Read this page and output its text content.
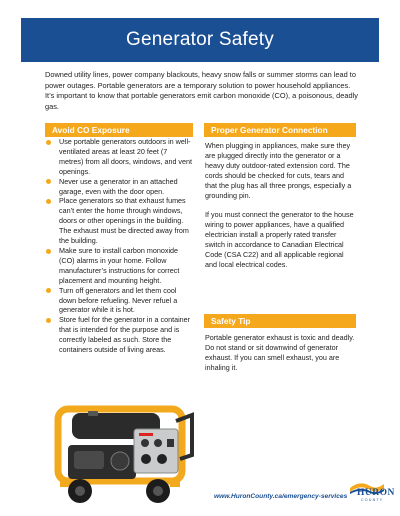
Generator Safety
Downed utility lines, power company blackouts, heavy snow falls or summer storms can lead to power outages. Portable generators are a temporary solution to power household appliances. It’s important to know that portable generators emit carbon monoxide (CO), a poisonous, deadly gas.
Avoid CO Exposure
Use portable generators outdoors in well-ventilated areas at least 20 feet (7 metres) from all doors, windows, and vent openings.
Never use a generator in an attached garage, even with the door open.
Place generators so that exhaust fumes can’t enter the home through windows, doors or other openings in the building. The exhaust must be directed away from the building.
Make sure to install carbon monoxide (CO) alarms in your home. Follow manufacturer’s instructions for correct placement and mounting height.
Turn off generators and let them cool down before refueling. Never refuel a generator while it is hot.
Store fuel for the generator in a container that is intended for the purpose and is correctly labeled as such. Store the containers outside of living areas.
Proper Generator Connection
When plugging in appliances, make sure they are plugged directly into the generator or a heavy duty outdoor-rated extension cord. The cords should be checked for cuts, tears and that the plug has all three prongs, especially a grounding pin.
If you must connect the generator to the house wiring to power appliances, have a qualified electrician install a properly rated transfer switch in accordance to Canadian Electrical Code (CSA C22) and all applicable regional and local electrical codes.
Safety Tip
Portable generator exhaust is toxic and deadly. Do not stand or sit downwind of generator exhaust. If you can smell exhaust, you are inhaling it.
www.HuronCounty.ca/emergency-services HURON
COUNTY
